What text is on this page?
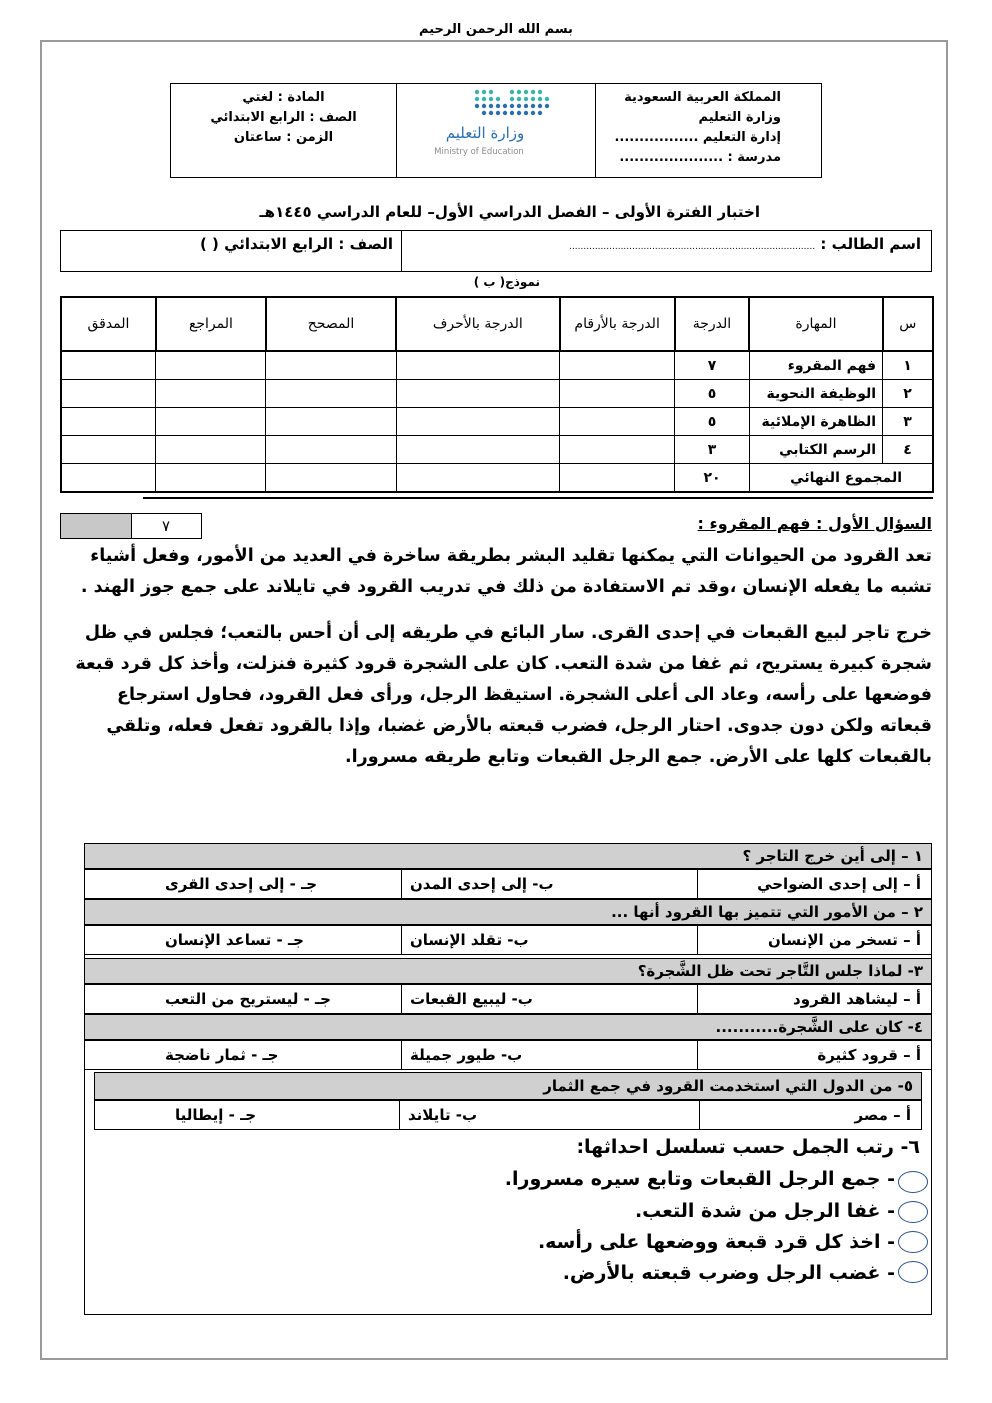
بسم الله الرحمن الرحيم
المملكة العربية السعودية
وزارة التعليم
إدارة التعليم .................
مدرسة : .....................
وزارة التعليم
Ministry of Education
المادة : لغتي
الصف : الرابع الابتدائي
الزمن : ساعتان
اختبار الفترة الأولى – الفصل الدراسي الأول– للعام الدراسي ١٤٤٥هـ
اسم الطالب : ......................................................................................
الصف : الرابع الابتدائي ( )
نموذج( ب )
س	المهارة	الدرجة	الدرجة بالأرقام	الدرجة بالأحرف	المصحح	المراجع	المدقق
١	فهم المقروء	٧					
٢	الوظيفة النحوية	٥					
٣	الظاهرة الإملائية	٥					
٤	الرسم الكتابي	٣					
المجموع النهائي		٢٠					
٧	السؤال الأول : فهم المقروء :
تعد القرود من الحيوانات التي يمكنها تقليد البشر بطريقة ساخرة في العديد من الأمور، وفعل أشياء تشبه ما يفعله الإنسان ،وقد تم الاستفادة من ذلك في تدريب القرود في تايلاند على جمع جوز الهند .
خرج تاجر لبيع القبعات في إحدى القرى. سار البائع في طريقه إلى أن أحس بالتعب؛ فجلس في ظل شجرة كبيرة يستريح، ثم غفا من شدة التعب. كان على الشجرة قرود كثيرة فنزلت، وأخذ كل قرد قبعة فوضعها على رأسه، وعاد الى أعلى الشجرة. استيقظ الرجل، ورأى فعل القرود، فحاول استرجاع قبعاته ولكن دون جدوى. احتار الرجل، فضرب قبعته بالأرض غضبا، وإذا بالقرود تفعل فعله، وتلقي بالقبعات كلها على الأرض. جمع الرجل القبعات وتابع طريقه مسرورا.
١ – إلى أين خرج التاجر ؟
أ – إلى إحدى الضواحي
ب- إلى إحدى المدن
جـ - إلى إحدى القرى
٢ – من الأمور التي تتميز بها القرود أنها ...
أ – تسخر من الإنسان
ب- تقلد الإنسان
جـ - تساعد الإنسان
٣- لماذا جلس التَّاجر تحت ظل الشَّجرة؟
أ – ليشاهد القرود
ب- ليبيع القبعات
جـ - ليستريح من التعب
٤- كان على الشَّجرة...........
أ – قرود كثيرة
ب- طيور جميلة
جـ - ثمار ناضجة
٥- من الدول التي استخدمت القرود في جمع الثمار
أ – مصر
ب- تايلاند
جـ - إيطاليا
٦- رتب الجمل حسب تسلسل احداثها:
- جمع الرجل القبعات وتابع سيره مسرورا.
- غفا الرجل من شدة التعب.
- اخذ كل قرد قبعة ووضعها على رأسه.
- غضب الرجل وضرب قبعته بالأرض.
